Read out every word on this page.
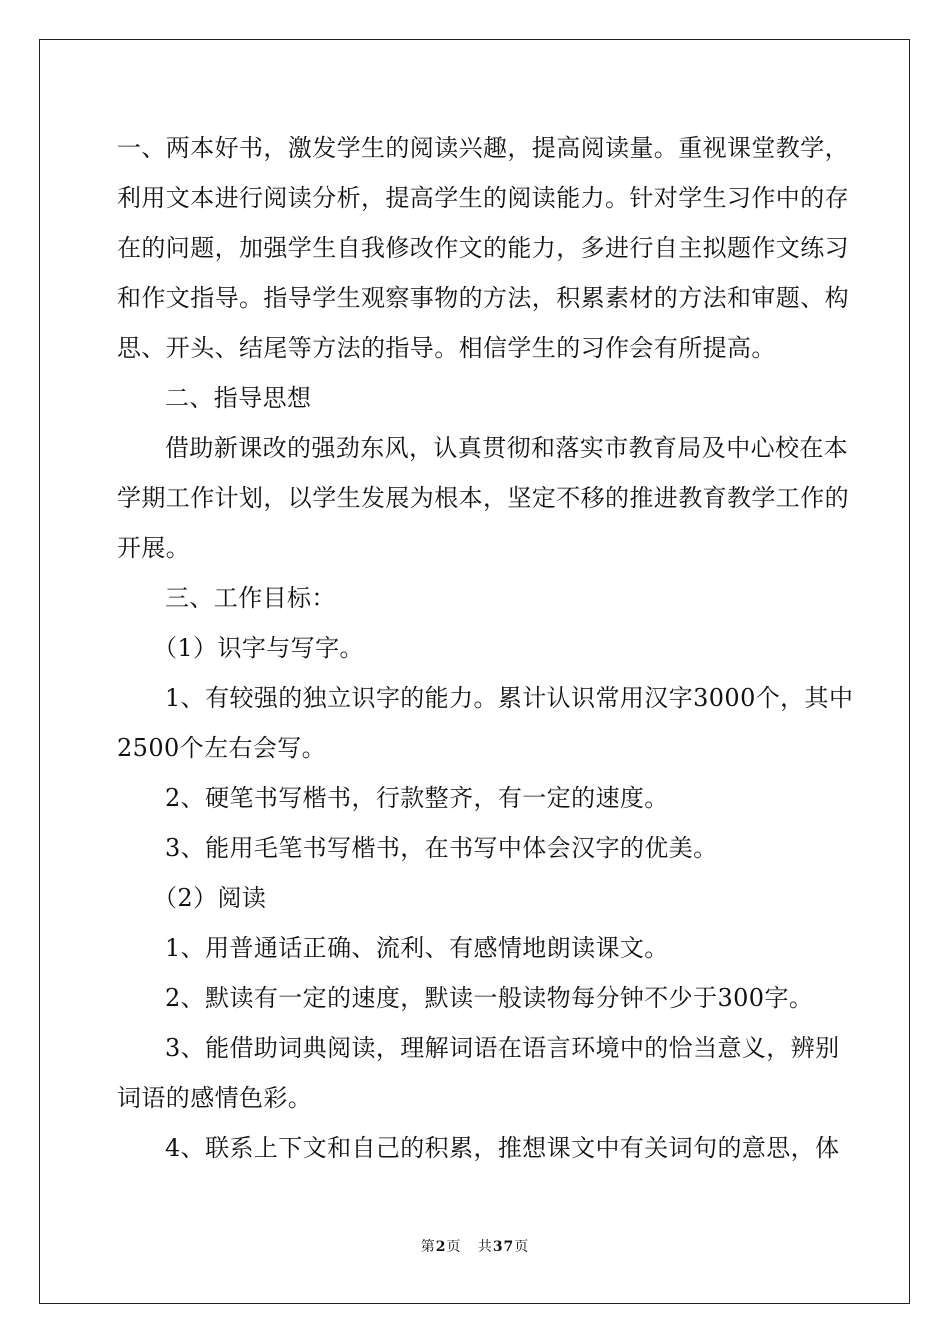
一、两本好书，激发学生的阅读兴趣，提高阅读量。重视课堂教学，
利用文本进行阅读分析，提高学生的阅读能力。针对学生习作中的存
在的问题，加强学生自我修改作文的能力，多进行自主拟题作文练习
和作文指导。指导学生观察事物的方法，积累素材的方法和审题、构
思、开头、结尾等方法的指导。相信学生的习作会有所提高。
二、指导思想
借助新课改的强劲东风，认真贯彻和落实市教育局及中心校在本
学期工作计划，以学生发展为根本，坚定不移的推进教育教学工作的
开展。
三、工作目标：
（1）识字与写字。
1、有较强的独立识字的能力。累计认识常用汉字3000个，其中
2500个左右会写。
2、硬笔书写楷书，行款整齐，有一定的速度。
3、能用毛笔书写楷书，在书写中体会汉字的优美。
（2）阅读
1、用普通话正确、流利、有感情地朗读课文。
2、默读有一定的速度，默读一般读物每分钟不少于300字。
3、能借助词典阅读，理解词语在语言环境中的恰当意义，辨别
词语的感情色彩。
4、联系上下文和自己的积累，推想课文中有关词句的意思，体
第2页 共37页
